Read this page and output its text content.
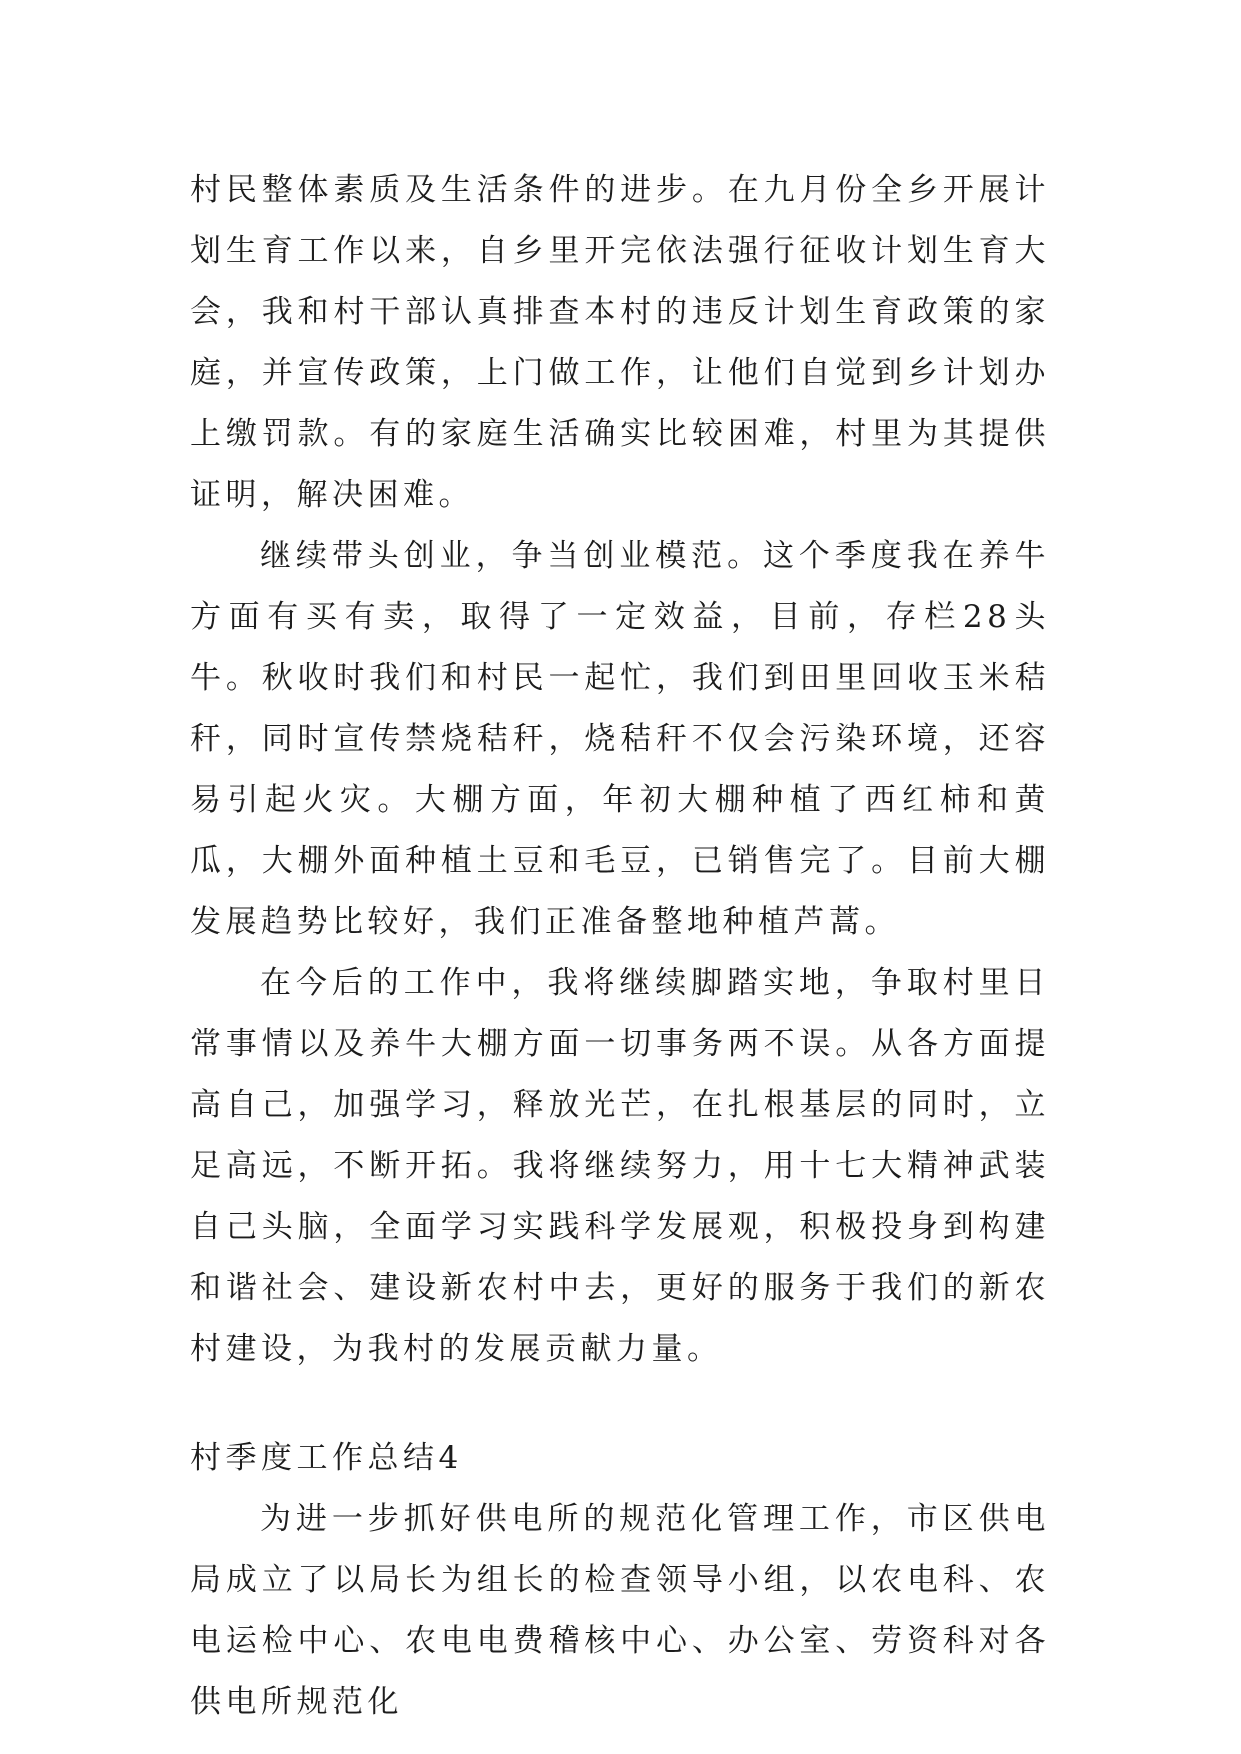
村民整体素质及生活条件的进步。在九月份全乡开展计划生育工作以来，自乡里开完依法强行征收计划生育大会，我和村干部认真排查本村的违反计划生育政策的家庭，并宣传政策，上门做工作，让他们自觉到乡计划办上缴罚款。有的家庭生活确实比较困难，村里为其提供证明，解决困难。

继续带头创业，争当创业模范。这个季度我在养牛方面有买有卖，取得了一定效益，目前，存栏28头牛。秋收时我们和村民一起忙，我们到田里回收玉米秸秆，同时宣传禁烧秸秆，烧秸秆不仅会污染环境，还容易引起火灾。大棚方面，年初大棚种植了西红柿和黄瓜，大棚外面种植土豆和毛豆，已销售完了。目前大棚发展趋势比较好，我们正准备整地种植芦蒿。

在今后的工作中，我将继续脚踏实地，争取村里日常事情以及养牛大棚方面一切事务两不误。从各方面提高自己，加强学习，释放光芒，在扎根基层的同时，立足高远，不断开拓。我将继续努力，用十七大精神武装自己头脑，全面学习实践科学发展观，积极投身到构建和谐社会、建设新农村中去，更好的服务于我们的新农村建设，为我村的发展贡献力量。

村季度工作总结4

为进一步抓好供电所的规范化管理工作，市区供电局成立了以局长为组长的检查领导小组，以农电科、农电运检中心、农电电费稽核中心、办公室、劳资科对各供电所规范化
